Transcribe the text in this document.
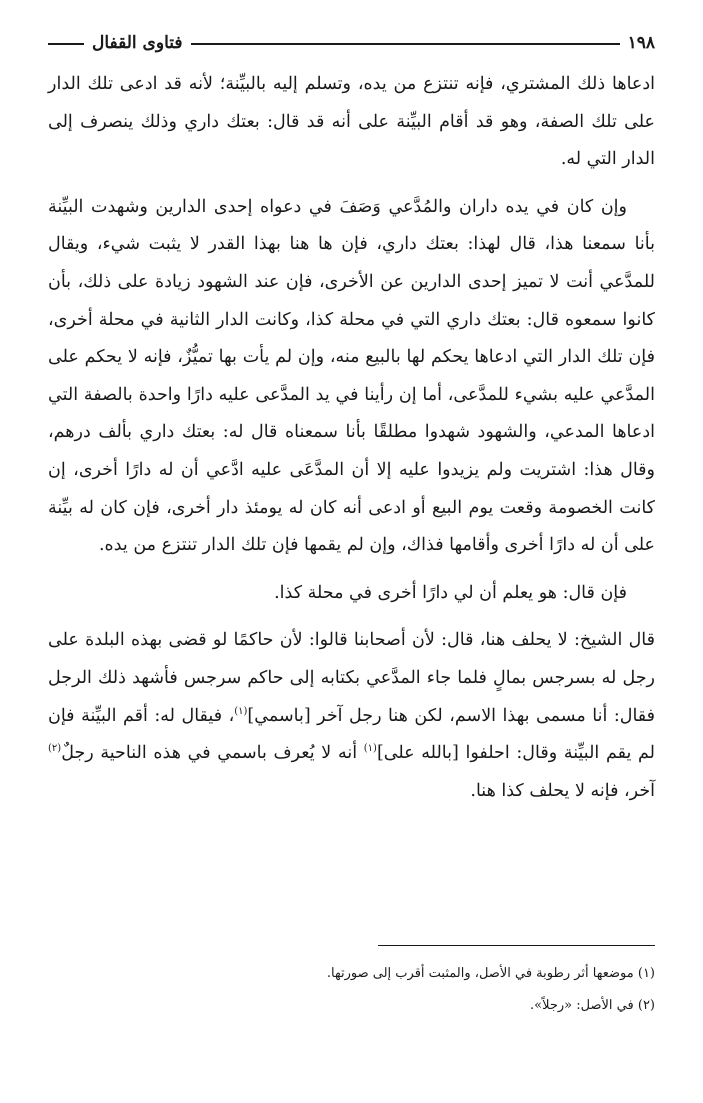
١٩٨
فتاوى القفال

ادعاها ذلك المشتري، فإنه تنتزع من يده، وتسلم إليه بالبيِّنة؛ لأنه قد ادعى تلك الدار على تلك الصفة، وهو قد أقام البيِّنة على أنه قد قال: بعتك داري وذلك ينصرف إلى الدار التي له.

وإن كان في يده داران والمُدَّعي وَصَفَ في دعواه إحدى الدارين وشهدت البيِّنة بأنا سمعنا هذا، قال لهذا: بعتك داري، فإن ها هنا بهذا القدر لا يثبت شيء، ويقال للمدَّعي أنت لا تميز إحدى الدارين عن الأخرى، فإن عند الشهود زيادة على ذلك، بأن كانوا سمعوه قال: بعتك داري التي في محلة كذا، وكانت الدار الثانية في محلة أخرى، فإن تلك الدار التي ادعاها يحكم لها بالبيع منه، وإن لم يأت بها تميُّزٌ، فإنه لا يحكم على المدَّعي عليه بشيء للمدَّعى، أما إن رأينا في يد المدَّعى عليه دارًا واحدة بالصفة التي ادعاها المدعي، والشهود شهدوا مطلقًا بأنا سمعناه قال له: بعتك داري بألف درهم، وقال هذا: اشتريت ولم يزيدوا عليه إلا أن المدَّعَى عليه ادَّعي أن له دارًا أخرى، إن كانت الخصومة وقعت يوم البيع أو ادعى أنه كان له يومئذ دار أخرى، فإن كان له بيِّنة على أن له دارًا أخرى وأقامها فذاك، وإن لم يقمها فإن تلك الدار تنتزع من يده.

فإن قال: هو يعلم أن لي دارًا أخرى في محلة كذا.

قال الشيخ: لا يحلف هنا، قال: لأن أصحابنا قالوا: لأن حاكمًا لو قضى بهذه البلدة على رجل له بسرجس بمالٍ فلما جاء المدَّعي بكتابه إلى حاكم سرجس فأشهد ذلك الرجل فقال: أنا مسمى بهذا الاسم، لكن هنا رجل آخر [باسمي]$^{(١)}$، فيقال له: أقم البيِّنة فإن لم يقم البيِّنة وقال: احلفوا [بالله على]$^{(١)}$ أنه لا يُعرف باسمي في هذه الناحية رجلٌ$^{(٢)}$ آخر، فإنه لا يحلف كذا هنا.

(١) موضعها أثر رطوبة في الأصل، والمثبت أقرب إلى صورتها.

(٢) في الأصل: «رجلاً».
